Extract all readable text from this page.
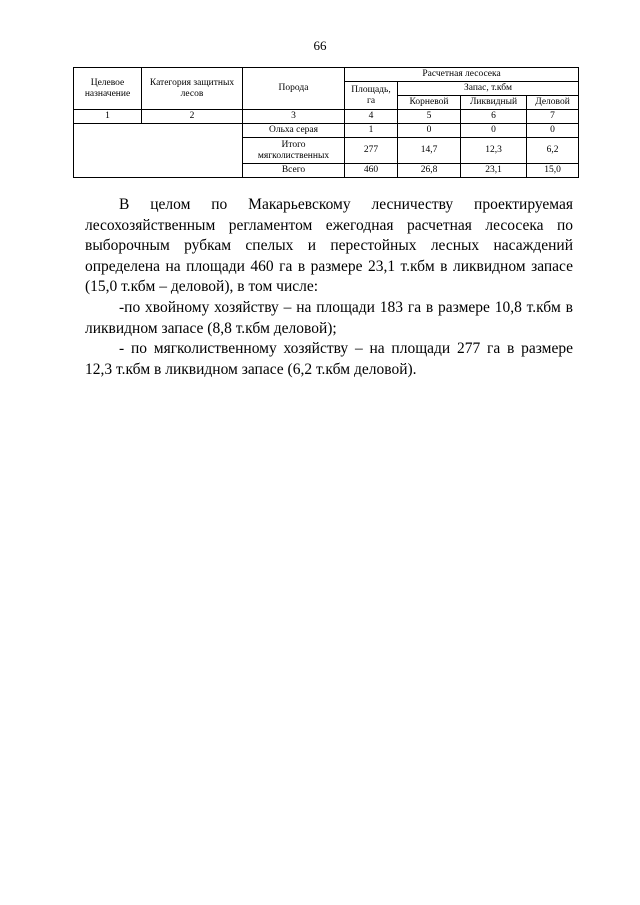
66
Целевое назначение	Категория защитных лесов	Порода	Расчетная лесосека			
			Площадь, га	Запас, т.кбм		
				Корневой	Ликвидный	Деловой
1	2	3	4	5	6	7
		Ольха серая	1	0	0	0
		Итого мягколиственных	277	14,7	12,3	6,2
		Всего	460	26,8	23,1	15,0

В целом по Макарьевскому лесничеству проектируемая лесохозяйственным регламентом ежегодная расчетная лесосека по выборочным рубкам спелых и перестойных лесных насаждений определена на площади 460 га в размере 23,1 т.кбм в ликвидном запасе (15,0 т.кбм – деловой), в том числе:

-по хвойному хозяйству – на площади 183 га в размере 10,8 т.кбм в ликвидном запасе (8,8 т.кбм деловой);

- по мягколиственному хозяйству – на площади 277 га в размере 12,3 т.кбм в ликвидном запасе (6,2 т.кбм деловой).
